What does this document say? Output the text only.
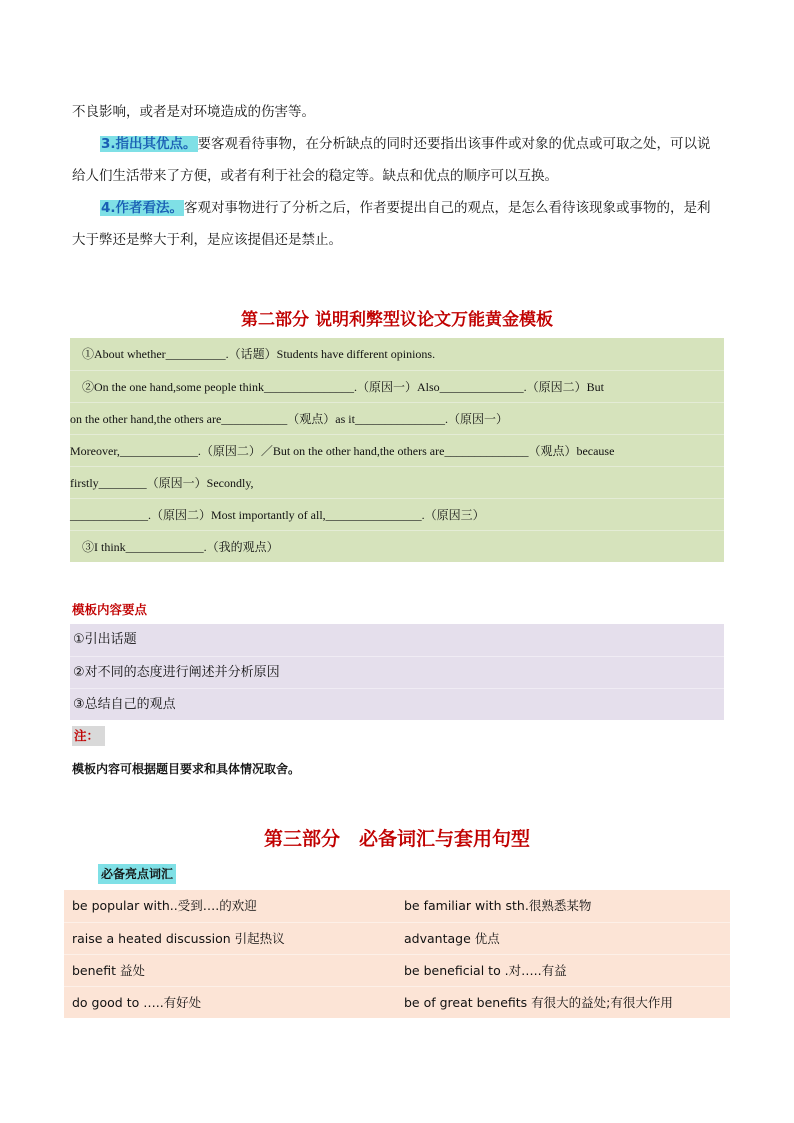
不良影响，或者是对环境造成的伤害等。
3.指出其优点。要客观看待事物，在分析缺点的同时还要指出该事件或对象的优点或可取之处，可以说
给人们生活带来了方便，或者有利于社会的稳定等。缺点和优点的顺序可以互换。
4.作者看法。客观对事物进行了分析之后，作者要提出自己的观点，是怎么看待该现象或事物的，是利
大于弊还是弊大于利，是应该提倡还是禁止。
第二部分 说明利弊型议论文万能黄金模板
　①About whether__________.（话题）Students have different opinions.
　②On the one hand,some people think_______________.（原因一）Also______________.（原因二）But
on the other hand,the others are___________（观点）as it_______________.（原因一）
Moreover,_____________.（原因二）／But on the other hand,the others are______________（观点）because
firstly________（原因一）Secondly,
_____________.（原因二）Most importantly of all,________________.（原因三）
　③I think_____________.（我的观点）
模板内容要点
①引出话题
②对不同的态度进行阐述并分析原因
③总结自己的观点
注：
模板内容可根据题目要求和具体情况取舍。
第三部分　必备词汇与套用句型
必备亮点词汇
be popular with..受到….的欢迎	be familiar with sth.很熟悉某物
raise a heated discussion 引起热议	advantage 优点
benefit 益处	be beneficial to .对…..有益
do good to …..有好处	be of great benefits 有很大的益处;有很大作用
